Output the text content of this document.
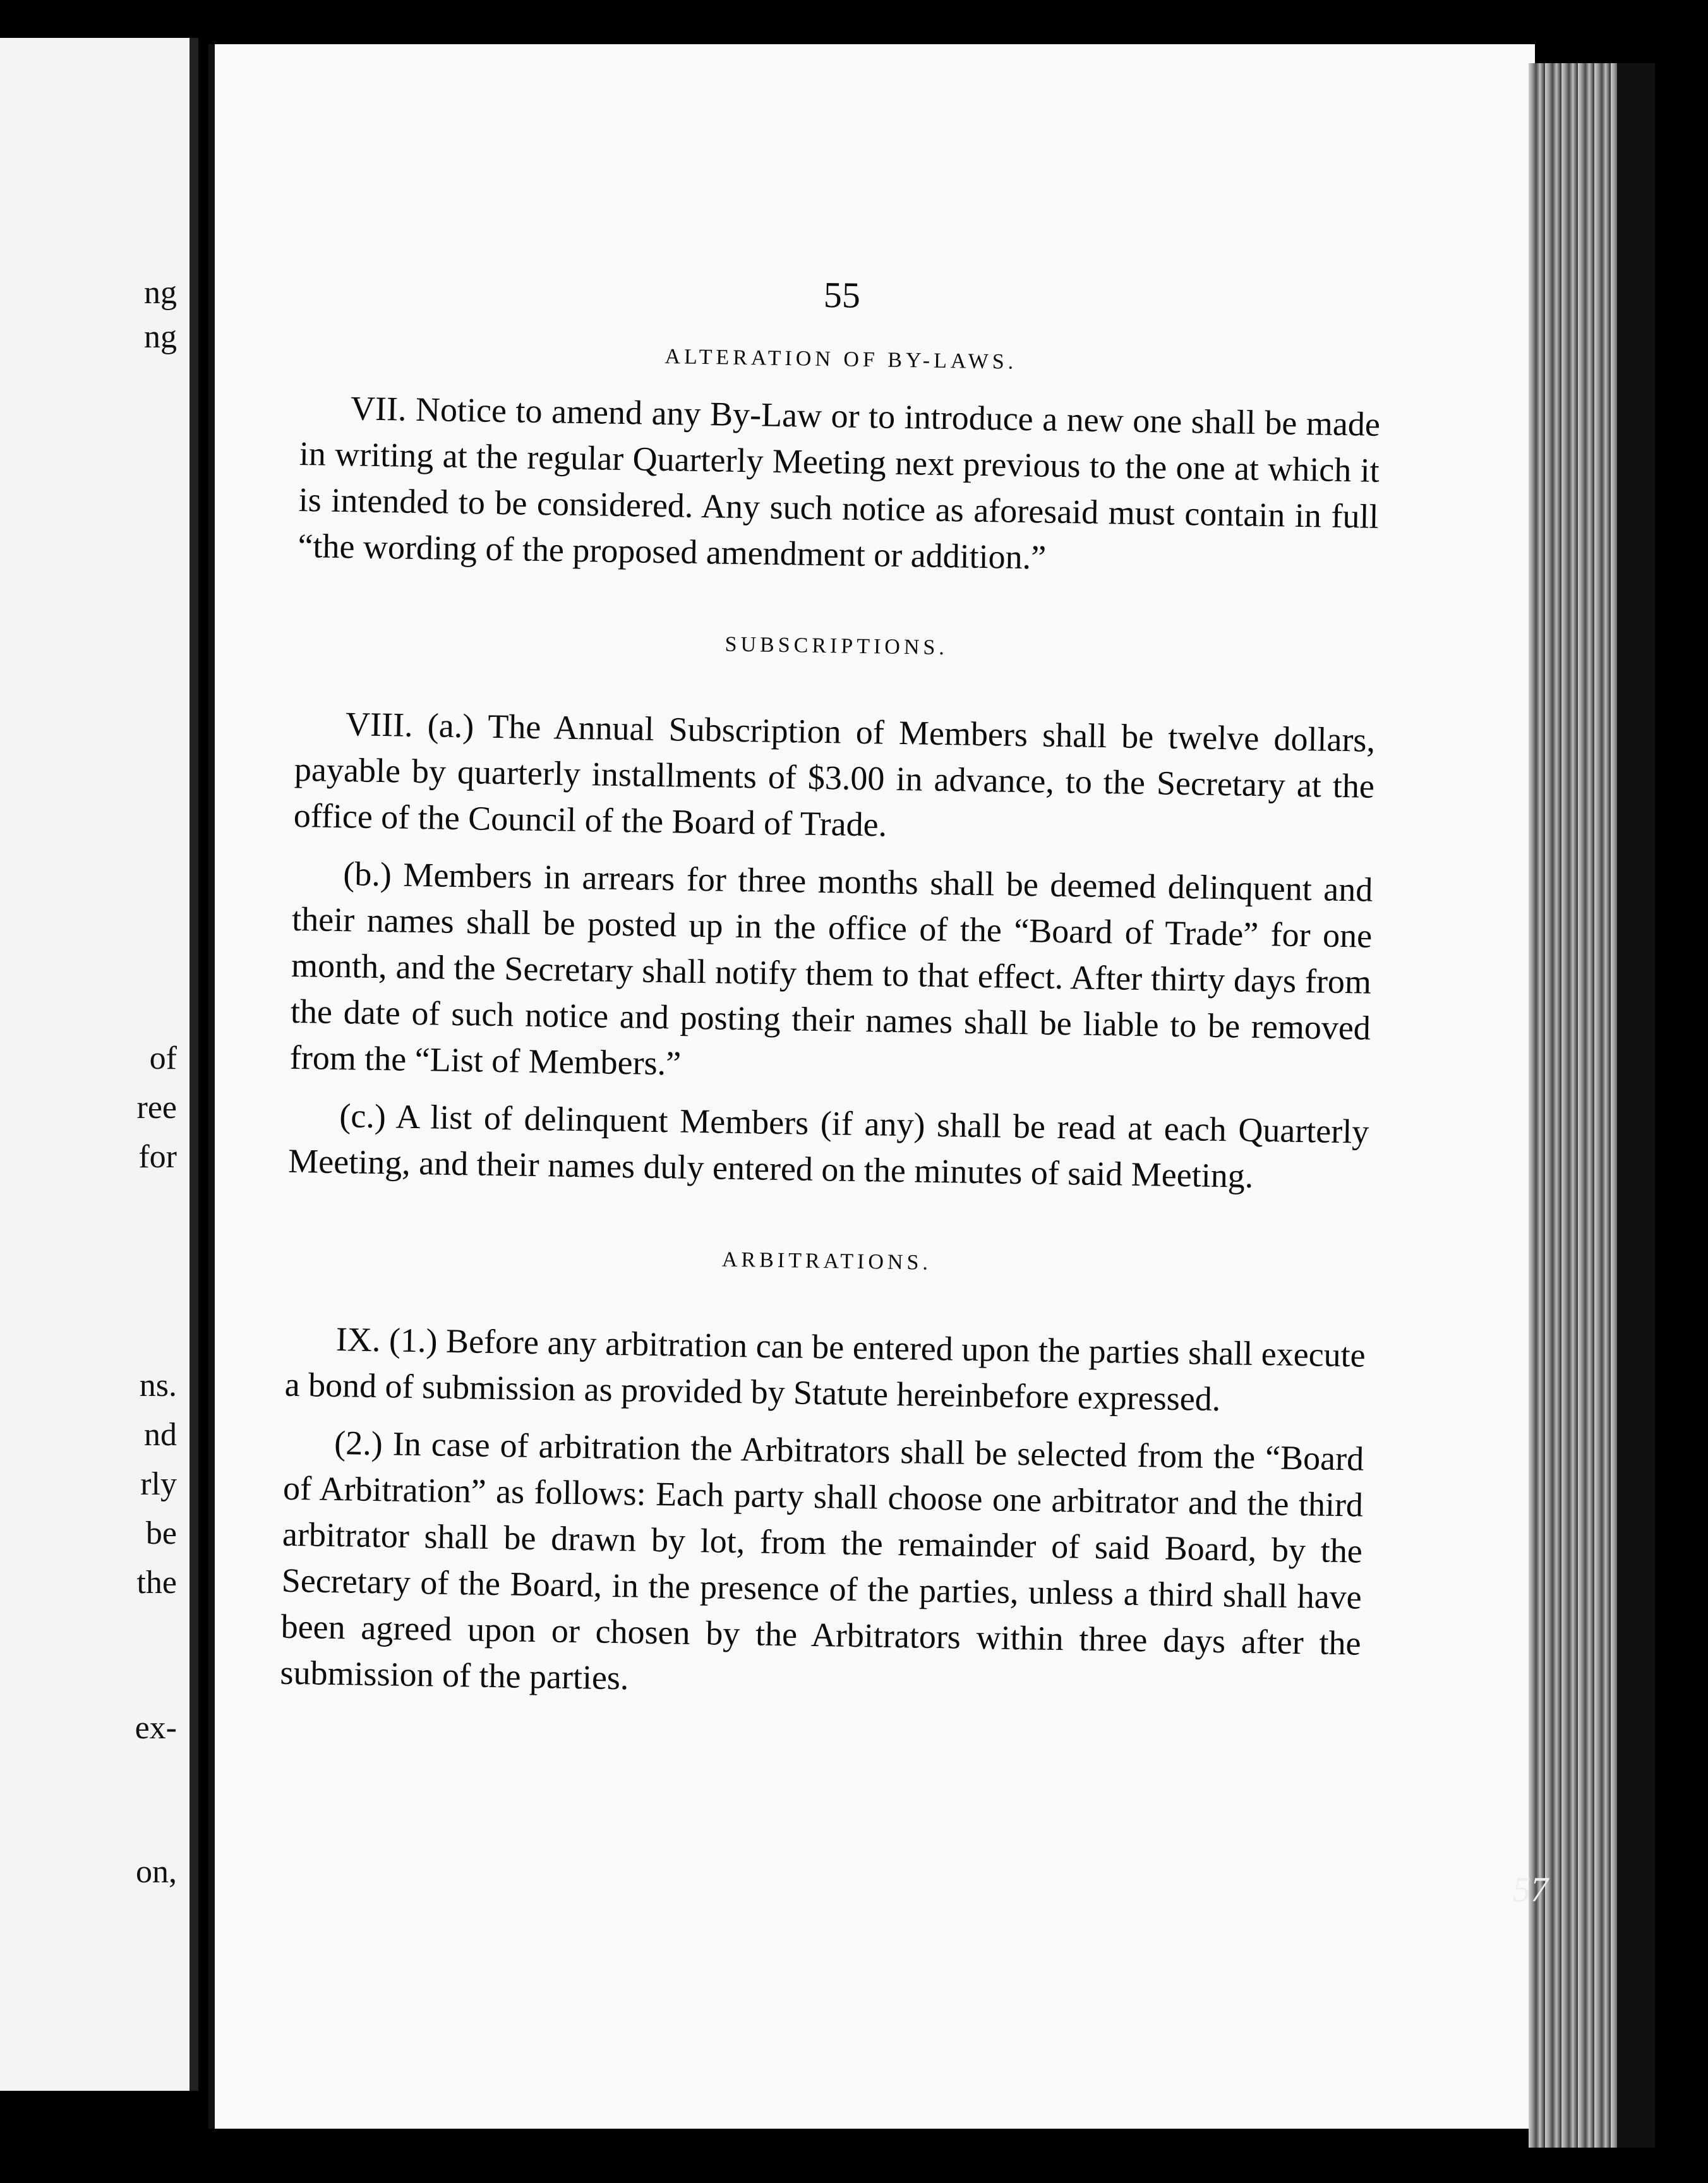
ng
ng
of
ree
for
ns.
nd
rly
be
the
ex-
on,
55
ALTERATION OF BY-LAWS.

VII. Notice to amend any By-Law or to introduce a new one shall be made in writing at the regular Quarterly Meeting next previous to the one at which it is intended to be considered. Any such notice as aforesaid must contain in full “the wording of the proposed amendment or addition.”

SUBSCRIPTIONS.

VIII. (a.) The Annual Subscription of Members shall be twelve dollars, payable by quarterly installments of $3.00 in advance, to the Secretary at the office of the Council of the Board of Trade.

(b.) Members in arrears for three months shall be deemed delinquent and their names shall be posted up in the office of the “Board of Trade” for one month, and the Secretary shall notify them to that effect. After thirty days from the date of such notice and posting their names shall be liable to be removed from the “List of Members.”

(c.) A list of delinquent Members (if any) shall be read at each Quarterly Meeting, and their names duly entered on the minutes of said Meeting.

ARBITRATIONS.

IX. (1.) Before any arbitration can be entered upon the parties shall execute a bond of submission as provided by Statute hereinbefore expressed.

(2.) In case of arbitration the Arbitrators shall be selected from the “Board of Arbitration” as follows: Each party shall choose one arbitrator and the third arbitrator shall be drawn by lot, from the remainder of said Board, by the Secretary of the Board, in the presence of the parties, unless a third shall have been agreed upon or chosen by the Arbitrators within three days after the submission of the parties.

57
